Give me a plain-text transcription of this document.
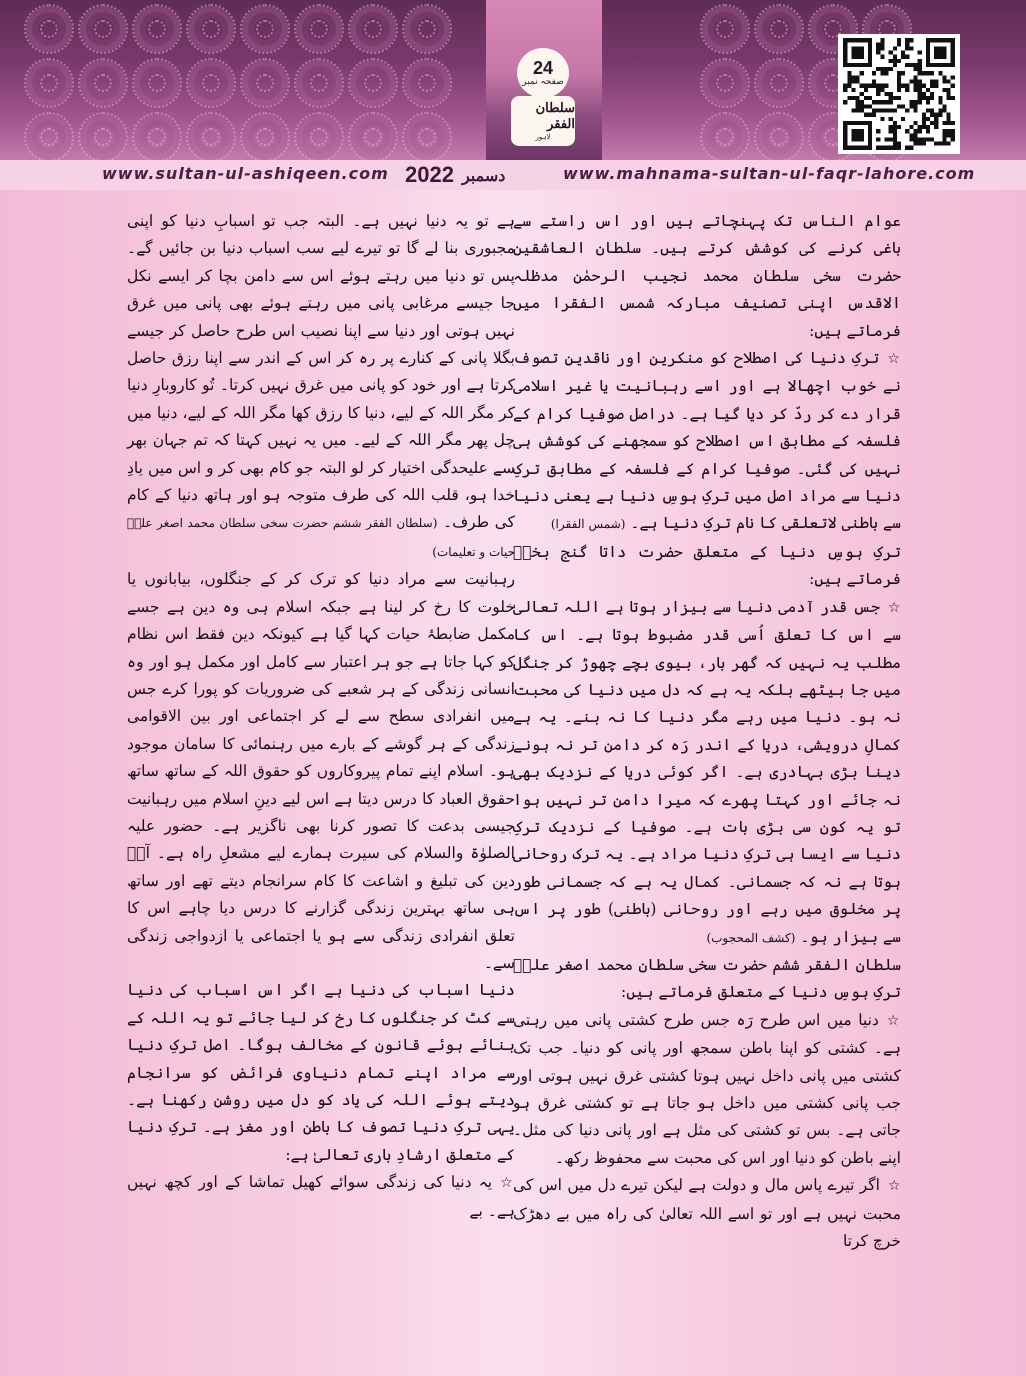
24
صفحہ نمبر
سلطان الفقر
لاہور
www.sultan-ul-ashiqeen.com 2022 دسمبر	www.mahnama-sultan-ul-faqr-lahore.com

عوام الناس تک پہنچاتے ہیں اور اس راستے سے باغی کرنے کی کوشش کرتے ہیں۔ سلطان العاشقین حضرت سخی سلطان محمد نجیب الرحمٰن مدظلہ الاقدس اپنی تصنیف مبارکہ شمس الفقرا میں فرماتے ہیں:

☆ترکِ دنیا کی اصطلاح کو منکرین اور ناقدینِ تصوف نے خوب اچھالا ہے اور اسے رہبانیت یا غیر اسلامی قرار دے کر ردّ کر دیا گیا ہے۔ دراصل صوفیا کرام کے فلسفہ کے مطابق اس اصطلاح کو سمجھنے کی کوشش ہی نہیں کی گئی۔ صوفیا کرام کے فلسفہ کے مطابق ترکِ دنیا سے مراد اصل میں ترکِ ہوسِ دنیا ہے یعنی دنیا سے باطنی لاتعلقی کا نام ترکِ دنیا ہے۔ (شمس الفقرا)

ترکِ ہوسِ دنیا کے متعلق حضرت داتا گنج بخشؒ فرماتے ہیں:

☆جس قدر آدمی دنیا سے بیزار ہوتا ہے اللہ تعالیٰ سے اس کا تعلق اُسی قدر مضبوط ہوتا ہے۔ اس کا مطلب یہ نہیں کہ گھر بار، بیوی بچے چھوڑ کر جنگل میں جا بیٹھے بلکہ یہ ہے کہ دل میں دنیا کی محبت نہ ہو۔ دنیا میں رہے مگر دنیا کا نہ بنے۔ یہ ہے کمالِ درویشی، دریا کے اندر رَہ کر دامن تر نہ ہونے دینا بڑی بہادری ہے۔ اگر کوئی دریا کے نزدیک بھی نہ جائے اور کہتا پھرے کہ میرا دامن تر نہیں ہوا تو یہ کون سی بڑی بات ہے۔ صوفیا کے نزدیک ترکِ دنیا سے ایسا ہی ترکِ دنیا مراد ہے۔ یہ ترک روحانی ہوتا ہے نہ کہ جسمانی۔ کمال یہ ہے کہ جسمانی طور پر مخلوق میں رہے اور روحانی (باطنی) طور پر اس سے بیزار ہو۔ (کشف المحجوب)

سلطان الفقر ششم حضرت سخی سلطان محمد اصغر علیؒ ترکِ ہوسِ دنیا کے متعلق فرماتے ہیں:

☆دنیا میں اس طرح رَہ جس طرح کشتی پانی میں رہتی ہے۔ کشتی کو اپنا باطن سمجھ اور پانی کو دنیا۔ جب تک کشتی میں پانی داخل نہیں ہوتا کشتی غرق نہیں ہوتی اور جب پانی کشتی میں داخل ہو جاتا ہے تو کشتی غرق ہو جاتی ہے۔ بس تو کشتی کی مثل ہے اور پانی دنیا کی مثل۔ اپنے باطن کو دنیا اور اس کی محبت سے محفوظ رکھ۔

☆اگر تیرے پاس مال و دولت ہے لیکن تیرے دل میں اس کی محبت نہیں ہے اور تو اسے اللہ تعالیٰ کی راہ میں بے دھڑک خرچ کرتا

ہے تو یہ دنیا نہیں ہے۔ البتہ جب تو اسبابِ دنیا کو اپنی مجبوری بنا لے گا تو تیرے لیے سب اسباب دنیا بن جائیں گے۔ پس تو دنیا میں رہتے ہوئے اس سے دامن بچا کر ایسے نکل جا جیسے مرغابی پانی میں رہتے ہوئے بھی پانی میں غرق نہیں ہوتی اور دنیا سے اپنا نصیب اس طرح حاصل کر جیسے بگلا پانی کے کنارے پر رہ کر اس کے اندر سے اپنا رزق حاصل کرتا ہے اور خود کو پانی میں غرق نہیں کرتا۔ تُو کاروبارِ دنیا کر مگر اللہ کے لیے، دنیا کا رزق کھا مگر اللہ کے لیے، دنیا میں چل پھر مگر اللہ کے لیے۔ میں یہ نہیں کہتا کہ تم جہان بھر سے علیحدگی اختیار کر لو البتہ جو کام بھی کر و اس میں یادِ خدا ہو، قلب اللہ کی طرف متوجہ ہو اور ہاتھ دنیا کے کام کی طرف۔ (سلطان الفقر ششم حضرت سخی سلطان محمد اصغر علیؒ حیات و تعلیمات)

رہبانیت سے مراد دنیا کو ترک کر کے جنگلوں، بیابانوں یا خلوت کا رخ کر لینا ہے جبکہ اسلام ہی وہ دین ہے جسے مکمل ضابطۂ حیات کہا گیا ہے کیونکہ دین فقط اس نظام کو کہا جاتا ہے جو ہر اعتبار سے کامل اور مکمل ہو اور وہ انسانی زندگی کے ہر شعبے کی ضروریات کو پورا کرے جس میں انفرادی سطح سے لے کر اجتماعی اور بین الاقوامی زندگی کے ہر گوشے کے بارے میں رہنمائی کا سامان موجود ہو۔ اسلام اپنے تمام پیروکاروں کو حقوق اللہ کے ساتھ ساتھ حقوق العباد کا درس دیتا ہے اس لیے دینِ اسلام میں رہبانیت جیسی بدعت کا تصور کرنا بھی ناگزیر ہے۔ حضور علیہ الصلوٰۃ والسلام کی سیرت ہمارے لیے مشعلِ راہ ہے۔ آپؐ دین کی تبلیغ و اشاعت کا کام سرانجام دیتے تھے اور ساتھ ہی ساتھ بہترین زندگی گزارنے کا درس دیا چاہے اس کا تعلق انفرادی زندگی سے ہو یا اجتماعی یا ازدواجی زندگی سے۔

دنیا اسباب کی دنیا ہے اگر اس اسباب کی دنیا سے کٹ کر جنگلوں کا رخ کر لیا جائے تو یہ اللہ کے بنائے ہوئے قانون کے مخالف ہوگا۔ اصل ترکِ دنیا سے مراد اپنے تمام دنیاوی فرائض کو سرانجام دیتے ہوئے اللہ کی یاد کو دل میں روشن رکھنا ہے۔ یہی ترکِ دنیا تصوف کا باطن اور مغز ہے۔ ترکِ دنیا کے متعلق ارشادِ باری تعالیٰ ہے:

☆یہ دنیا کی زندگی سوائے کھیل تماشا کے اور کچھ نہیں ہے۔ بے
